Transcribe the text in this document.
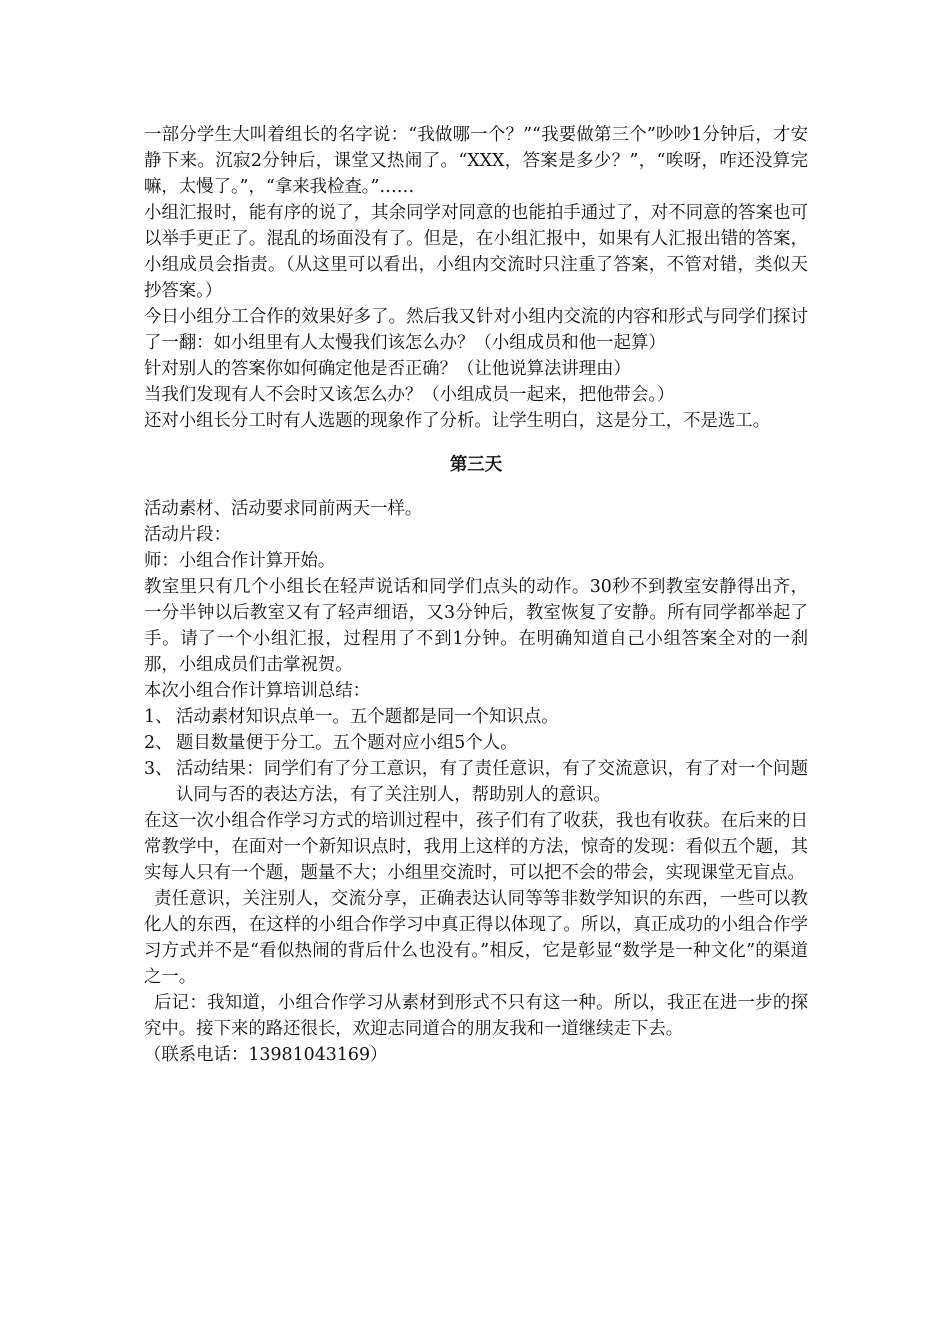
一部分学生大叫着组长的名字说：“我做哪一个？”“我要做第三个”吵吵1分钟后，才安静下来。沉寂2分钟后，课堂又热闹了。“XXX，答案是多少？”，“唉呀，咋还没算完嘛，太慢了。”，“拿来我检查。”……

小组汇报时，能有序的说了，其余同学对同意的也能拍手通过了，对不同意的答案也可以举手更正了。混乱的场面没有了。但是，在小组汇报中，如果有人汇报出错的答案，小组成员会指责。（从这里可以看出，小组内交流时只注重了答案，不管对错，类似天抄答案。）

今日小组分工合作的效果好多了。然后我又针对小组内交流的内容和形式与同学们探讨了一翻：如小组里有人太慢我们该怎么办？（小组成员和他一起算）

针对别人的答案你如何确定他是否正确？（让他说算法讲理由）

当我们发现有人不会时又该怎么办？（小组成员一起来，把他带会。）

还对小组长分工时有人选题的现象作了分析。让学生明白，这是分工，不是选工。

第三天

活动素材、活动要求同前两天一样。

活动片段：

师：小组合作计算开始。

教室里只有几个小组长在轻声说话和同学们点头的动作。30秒不到教室安静得出齐，一分半钟以后教室又有了轻声细语，又3分钟后，教室恢复了安静。所有同学都举起了手。请了一个小组汇报，过程用了不到1分钟。在明确知道自己小组答案全对的一刹那，小组成员们击掌祝贺。

本次小组合作计算培训总结：

1、 活动素材知识点单一。五个题都是同一个知识点。
2、 题目数量便于分工。五个题对应小组5个人。
3、 活动结果：同学们有了分工意识，有了责任意识，有了交流意识，有了对一个问题认同与否的表达方法，有了关注别人，帮助别人的意识。

在这一次小组合作学习方式的培训过程中，孩子们有了收获，我也有收获。在后来的日常教学中，在面对一个新知识点时，我用上这样的方法，惊奇的发现：看似五个题，其实每人只有一个题，题量不大；小组里交流时，可以把不会的带会，实现课堂无盲点。

责任意识，关注别人，交流分享，正确表达认同等等非数学知识的东西，一些可以教化人的东西，在这样的小组合作学习中真正得以体现了。所以，真正成功的小组合作学习方式并不是“看似热闹的背后什么也没有。”相反，它是彰显“数学是一种文化”的渠道之一。

后记：我知道，小组合作学习从素材到形式不只有这一种。所以，我正在进一步的探究中。接下来的路还很长，欢迎志同道合的朋友我和一道继续走下去。

（联系电话：13981043169）
